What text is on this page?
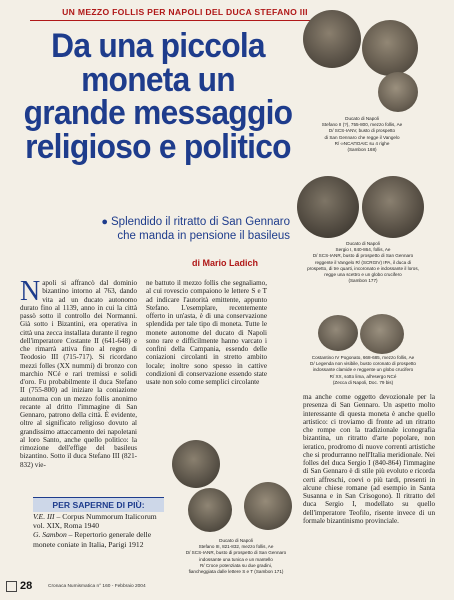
UN MEZZO FOLLIS PER NAPOLI DEL DUCA STEFANO III
Da una piccola
moneta un
grande messaggio
religioso e politico
● Splendido il ritratto di San Gennaro che manda in pensione il basileus
di Mario Ladich

Napoli si affrancò dal dominio bizantino intorno al 763, dando vita ad un ducato autonomo durato fino al 1139, anno in cui la città passò sotto il controllo dei Normanni. Già sotto i Bizantini, era operativa in città una zecca installata durante il regno dell'imperatore Costante II (641-648) e che rimarrà attiva fino al regno di Teodosio III (715-717). Si ricordano mezzi folles (XX nummi) di bronzo con marchio NCé e rari tremissi e solidi d'oro. Fu probabilmente il duca Stefano II (755-800) ad iniziare la coniazione autonoma con un mezzo follis anonimo recante al dritto l'immagine di San Gennaro, patrono della città. È evidente, oltre al significato religioso dovuto al grandissimo attaccamento dei napoletani al loro Santo, anche quello politico: la rimozione dell'effige del basileus bizantino. Sotto il duca Stefano III (821-832) vie-

ne battuto il mezzo follis che segnaliamo, al cui rovescio compaiono le lettere S e T ad indicare l'autorità emittente, appunto Stefano. L'esemplare, recentemente offerto in un'asta, è di una conservazione splendida per tale tipo di moneta. Tutte le monete autonome del ducato di Napoli sono rare e difficilmente hanno varcato i confini della Campania, essendo delle coniazioni circolanti in stretto ambito locale; inoltre sono spesso in cattive condizioni di conservazione essendo state usate non solo come semplici circolante

ma anche come oggetto devozionale per la presenza di San Gennaro. Un aspetto molto interessante di questa moneta è anche quello artistico: ci troviamo di fronte ad un ritratto che rompe con la tradizionale iconografia bizantina, un ritratto d'arte popolare, non ieratico, prodromo di nuove correnti artistiche che si produrranno nell'Italia meridionale. Nei folles del duca Sergio I (840-864) l'immagine di San Gennaro è di stile più evoluto e ricorda certi affreschi, coevi o più tardi, presenti in alcune chiese romane (ad esempio in Santa Susanna e in San Crisogono). Il ritratto del duca Sergio I, modellato su quello dell'imperatore Teofilo, risente invece di un formale bizantinismo provinciale.

PER SAPERNE DI PIÙ:
V.E. III – Corpus Nummorum Italicorum vol. XIX, Roma 1940
G. Sambon – Repertorio generale delle monete coniate in Italia, Parigi 1912
Ducato di Napoli
Stefano II (?), 755-800, mezzo follis, Ae
D/ SCS-IANV, busto di prospetto
di San Gennaro che regge il Vangelo
R/ ∞NCAΠOAIC su 4 righe
(Sambon 168)
Ducato di Napoli
Sergio I, 840-864, follis, Ae
D/ SCS-IANR, busto di prospetto di San Gennaro
reggente il Vangelo R/ (SCRGIV) IPA, il duca di
prospetto, di tre quarti, incoronato e indossante il loros,
regge una scettro e un globo crucifero
(Sambon 177)
Costantino IV Pogonato, 668-685, mezzo follis, Ae
D/ Legenda non visibile, busto coronato di prospetto
indossante clamide e reggente un globo crucifero
R/ XX, sotto lima, all'esergo NCé
(Zecca di Napoli, Doc. 79 bis)
Ducato di Napoli
Stefano III, 821-832, mezzo follis, Ae
D/ SCS-IANR, busto di prospetto di San Gennaro
indossante una tunica e un mantello
R/ Croce potenziata su due gradini,
fiancheggiata dalle lettere S e T (Sambon 171)
28	Cronaca Numismatica n° 160 - Febbraio 2004
